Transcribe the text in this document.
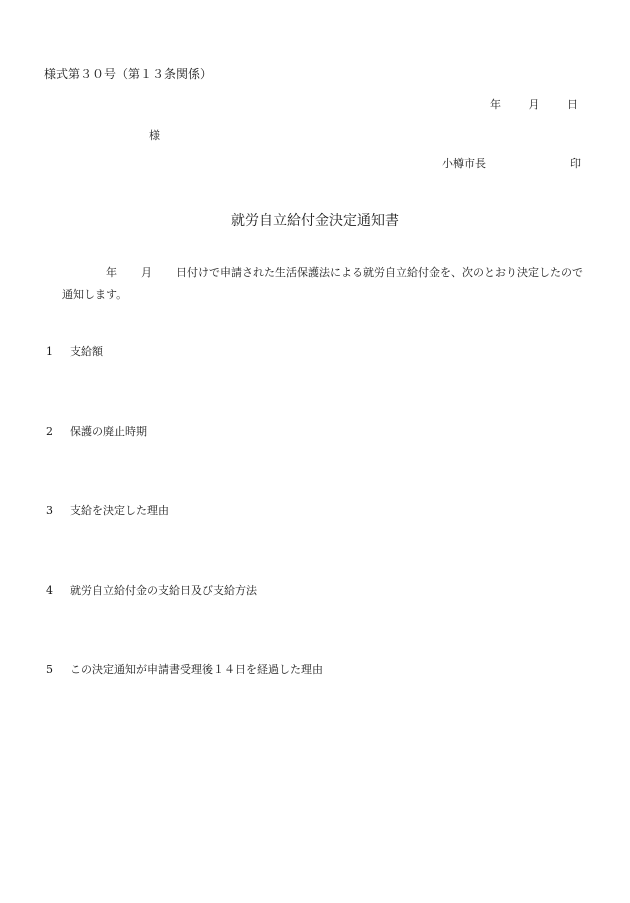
様式第３０号（第１３条関係）
年	月	日
様
小樽市長	印
就労自立給付金決定通知書

年 月 日付けで申請された生活保護法による就労自立給付金を、次のとおり決定したので通知します。

1 支給額
2 保護の廃止時期
3 支給を決定した理由
4 就労自立給付金の支給日及び支給方法
5 この決定通知が申請書受理後１４日を経過した理由
